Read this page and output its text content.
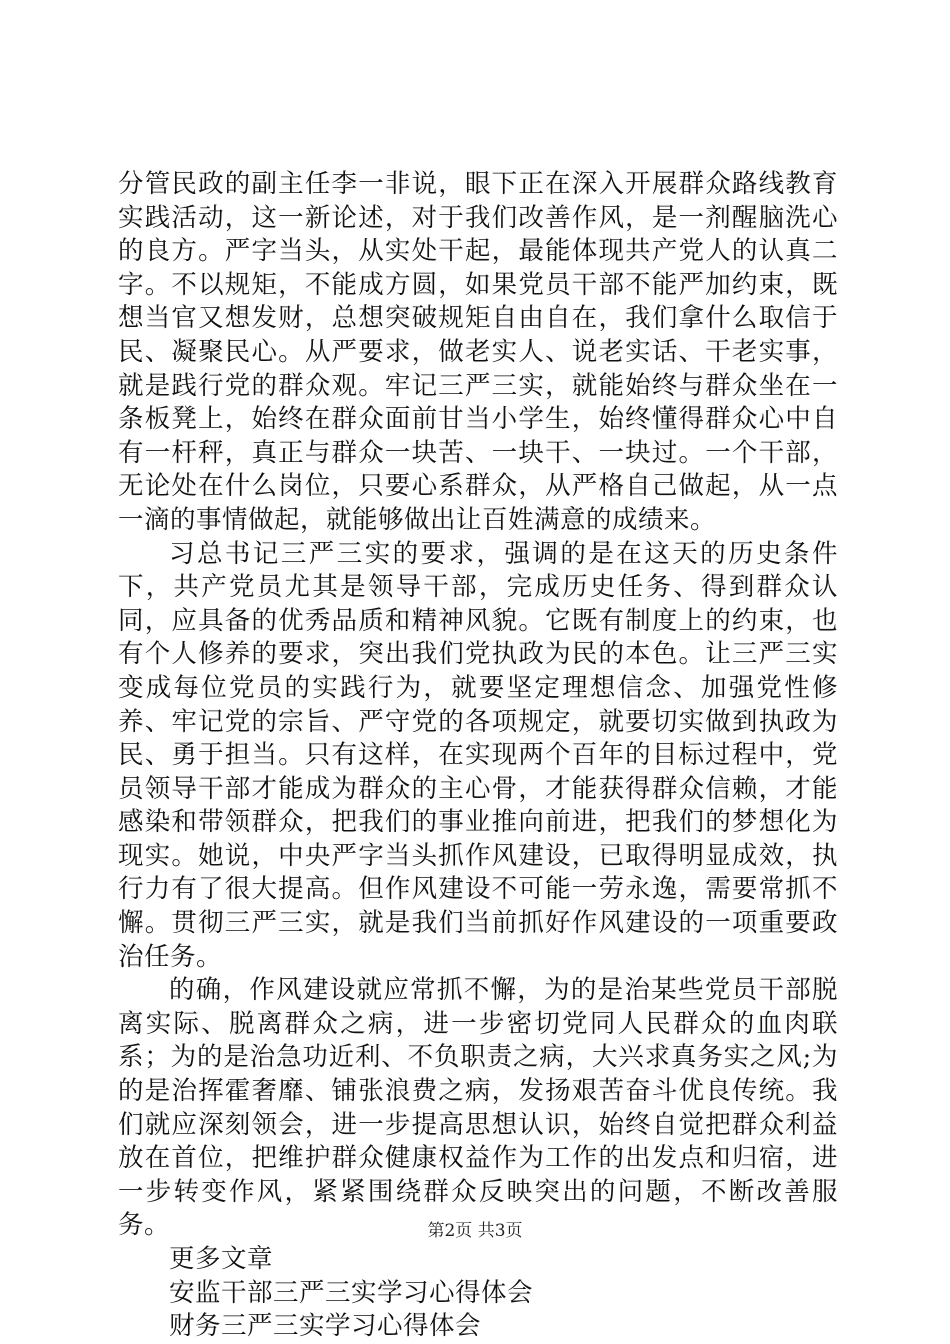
分管民政的副主任李一非说，眼下正在深入开展群众路线教育实践活动，这一新论述，对于我们改善作风，是一剂醒脑洗心的良方。严字当头，从实处干起，最能体现共产党人的认真二字。不以规矩，不能成方圆，如果党员干部不能严加约束，既想当官又想发财，总想突破规矩自由自在，我们拿什么取信于民、凝聚民心。从严要求，做老实人、说老实话、干老实事，就是践行党的群众观。牢记三严三实，就能始终与群众坐在一条板凳上，始终在群众面前甘当小学生，始终懂得群众心中自有一杆秤，真正与群众一块苦、一块干、一块过。一个干部，无论处在什么岗位，只要心系群众，从严格自己做起，从一点一滴的事情做起，就能够做出让百姓满意的成绩来。

习总书记三严三实的要求，强调的是在这天的历史条件下，共产党员尤其是领导干部，完成历史任务、得到群众认同，应具备的优秀品质和精神风貌。它既有制度上的约束，也有个人修养的要求，突出我们党执政为民的本色。让三严三实变成每位党员的实践行为，就要坚定理想信念、加强党性修养、牢记党的宗旨、严守党的各项规定，就要切实做到执政为民、勇于担当。只有这样，在实现两个百年的目标过程中，党员领导干部才能成为群众的主心骨，才能获得群众信赖，才能感染和带领群众，把我们的事业推向前进，把我们的梦想化为现实。她说，中央严字当头抓作风建设，已取得明显成效，执行力有了很大提高。但作风建设不可能一劳永逸，需要常抓不懈。贯彻三严三实，就是我们当前抓好作风建设的一项重要政治任务。

的确，作风建设就应常抓不懈，为的是治某些党员干部脱离实际、脱离群众之病，进一步密切党同人民群众的血肉联系；为的是治急功近利、不负职责之病，大兴求真务实之风;为的是治挥霍奢靡、铺张浪费之病，发扬艰苦奋斗优良传统。我们就应深刻领会，进一步提高思想认识，始终自觉把群众利益放在首位，把维护群众健康权益作为工作的出发点和归宿，进一步转变作风，紧紧围绕群众反映突出的问题，不断改善服务。

更多文章

安监干部三严三实学习心得体会
财务三严三实学习心得体会
第2页 共3页
